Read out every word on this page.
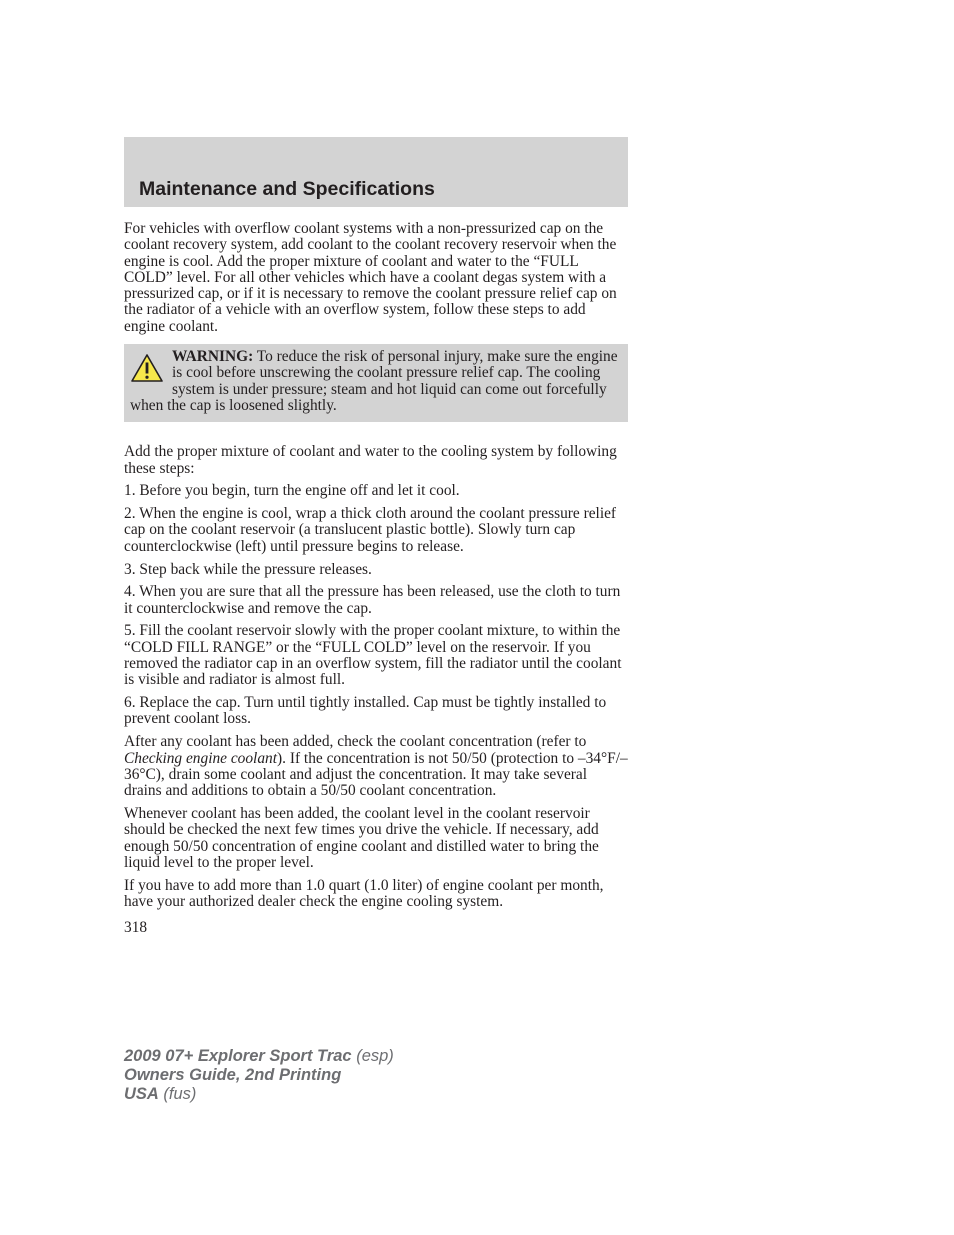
Maintenance and Specifications

For vehicles with overflow coolant systems with a non-pressurized cap on the coolant recovery system, add coolant to the coolant recovery reservoir when the engine is cool. Add the proper mixture of coolant and water to the “FULL COLD” level. For all other vehicles which have a coolant degas system with a pressurized cap, or if it is necessary to remove the coolant pressure relief cap on the radiator of a vehicle with an overflow system, follow these steps to add engine coolant.

WARNING: To reduce the risk of personal injury, make sure the engine is cool before unscrewing the coolant pressure relief cap. The cooling system is under pressure; steam and hot liquid can come out forcefully when the cap is loosened slightly.

Add the proper mixture of coolant and water to the cooling system by following these steps:

1. Before you begin, turn the engine off and let it cool.

2. When the engine is cool, wrap a thick cloth around the coolant pressure relief cap on the coolant reservoir (a translucent plastic bottle). Slowly turn cap counterclockwise (left) until pressure begins to release.

3. Step back while the pressure releases.

4. When you are sure that all the pressure has been released, use the cloth to turn it counterclockwise and remove the cap.

5. Fill the coolant reservoir slowly with the proper coolant mixture, to within the “COLD FILL RANGE” or the “FULL COLD” level on the reservoir. If you removed the radiator cap in an overflow system, fill the radiator until the coolant is visible and radiator is almost full.

6. Replace the cap. Turn until tightly installed. Cap must be tightly installed to prevent coolant loss.

After any coolant has been added, check the coolant concentration (refer to Checking engine coolant). If the concentration is not 50/50 (protection to –34°F/–36°C), drain some coolant and adjust the concentration. It may take several drains and additions to obtain a 50/50 coolant concentration.

Whenever coolant has been added, the coolant level in the coolant reservoir should be checked the next few times you drive the vehicle. If necessary, add enough 50/50 concentration of engine coolant and distilled water to bring the liquid level to the proper level.

If you have to add more than 1.0 quart (1.0 liter) of engine coolant per month, have your authorized dealer check the engine cooling system.

318
2009 07+ Explorer Sport Trac (esp)
Owners Guide, 2nd Printing
USA (fus)
